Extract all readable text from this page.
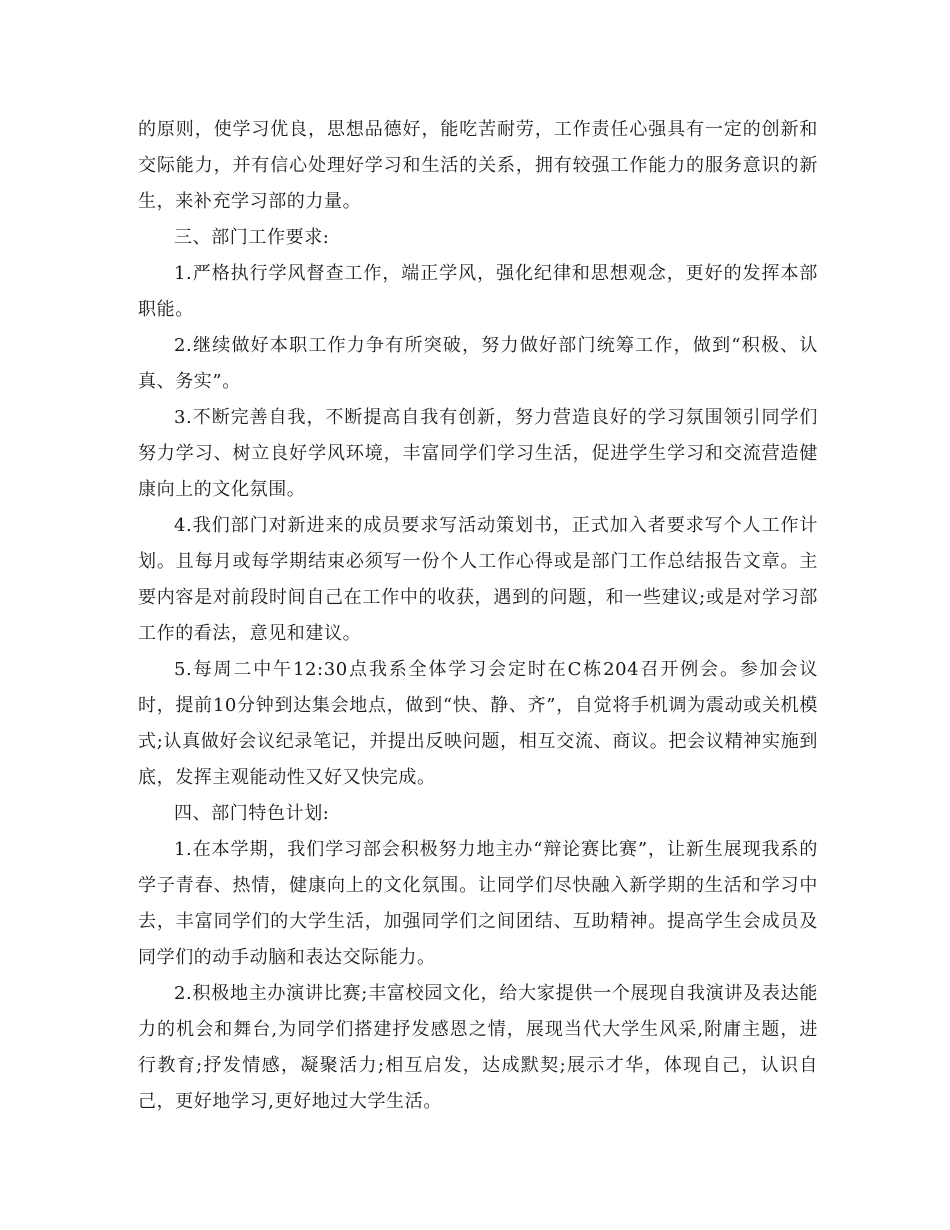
的原则，使学习优良，思想品德好，能吃苦耐劳，工作责任心强具有一定的创新和交际能力，并有信心处理好学习和生活的关系，拥有较强工作能力的服务意识的新生，来补充学习部的力量。

三、部门工作要求:

1.严格执行学风督查工作，端正学风，强化纪律和思想观念，更好的发挥本部职能。

2.继续做好本职工作力争有所突破，努力做好部门统筹工作，做到“积极、认真、务实”。

3.不断完善自我，不断提高自我有创新，努力营造良好的学习氛围领引同学们努力学习、树立良好学风环境，丰富同学们学习生活，促进学生学习和交流营造健康向上的文化氛围。

4.我们部门对新进来的成员要求写活动策划书，正式加入者要求写个人工作计划。且每月或每学期结束必须写一份个人工作心得或是部门工作总结报告文章。主要内容是对前段时间自己在工作中的收获，遇到的问题，和一些建议;或是对学习部工作的看法，意见和建议。

5.每周二中午12:30点我系全体学习会定时在C栋204召开例会。参加会议时，提前10分钟到达集会地点，做到“快、静、齐”，自觉将手机调为震动或关机模式;认真做好会议纪录笔记，并提出反映问题，相互交流、商议。把会议精神实施到底，发挥主观能动性又好又快完成。

四、部门特色计划:

1.在本学期，我们学习部会积极努力地主办“辩论赛比赛”，让新生展现我系的学子青春、热情，健康向上的文化氛围。让同学们尽快融入新学期的生活和学习中去，丰富同学们的大学生活，加强同学们之间团结、互助精神。提高学生会成员及同学们的动手动脑和表达交际能力。

2.积极地主办演讲比赛;丰富校园文化，给大家提供一个展现自我演讲及表达能力的机会和舞台,为同学们搭建抒发感恩之情，展现当代大学生风采,附庸主题，进行教育;抒发情感，凝聚活力;相互启发，达成默契;展示才华，体现自己，认识自己，更好地学习,更好地过大学生活。
